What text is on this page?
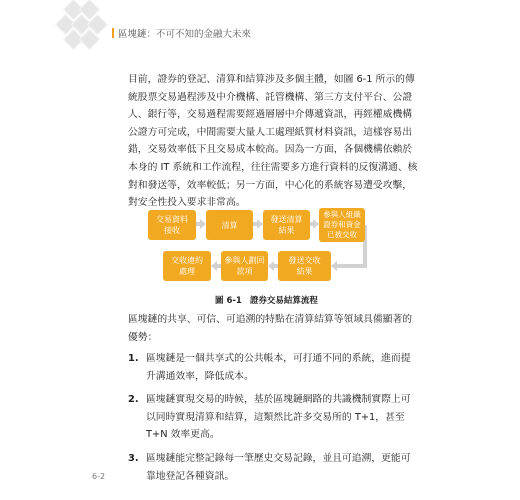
區塊鏈：不可不知的金融大未來

目前，證券的登記、清算和結算涉及多個主體，如圖 6-1 所示的傳
統股票交易過程涉及中介機構、託管機構、第三方支付平台、公證
人、銀行等，交易過程需要經過層層中介傳遞資訊，再經權威機構
公證方可完成，中間需要大量人工處理紙質材料資訊，這樣容易出
錯，交易效率低下且交易成本較高。因為一方面，各個機構依賴於
本身的 IT 系統和工作流程，往往需要多方進行資料的反復溝通、核
對和發送等，效率較低；另一方面，中心化的系統容易遭受攻擊，
對安全性投入要求非常高。

交易資料
接收
清算
發送清算
結果
參與人組織
證券和資金
已被交收
交收違約
處理
參與人劃回
款項
發送交收
結果
圖 6-1 證券交易結算流程

區塊鏈的共享、可信、可追溯的特點在清算結算等領域具備顯著的
優勢：

1. 區塊鏈是一個共享式的公共帳本，可打通不同的系統，進而提
升溝通效率，降低成本。
2. 區塊鏈實現交易的時候，基於區塊鏈網路的共識機制實際上可
以同時實現清算和結算，這類然比許多交易所的 T+1，甚至
T+N 效率更高。
3. 區塊鏈能完整記錄每一筆歷史交易記錄，並且可追溯，更能可
靠地登記各種資訊。
6-2
